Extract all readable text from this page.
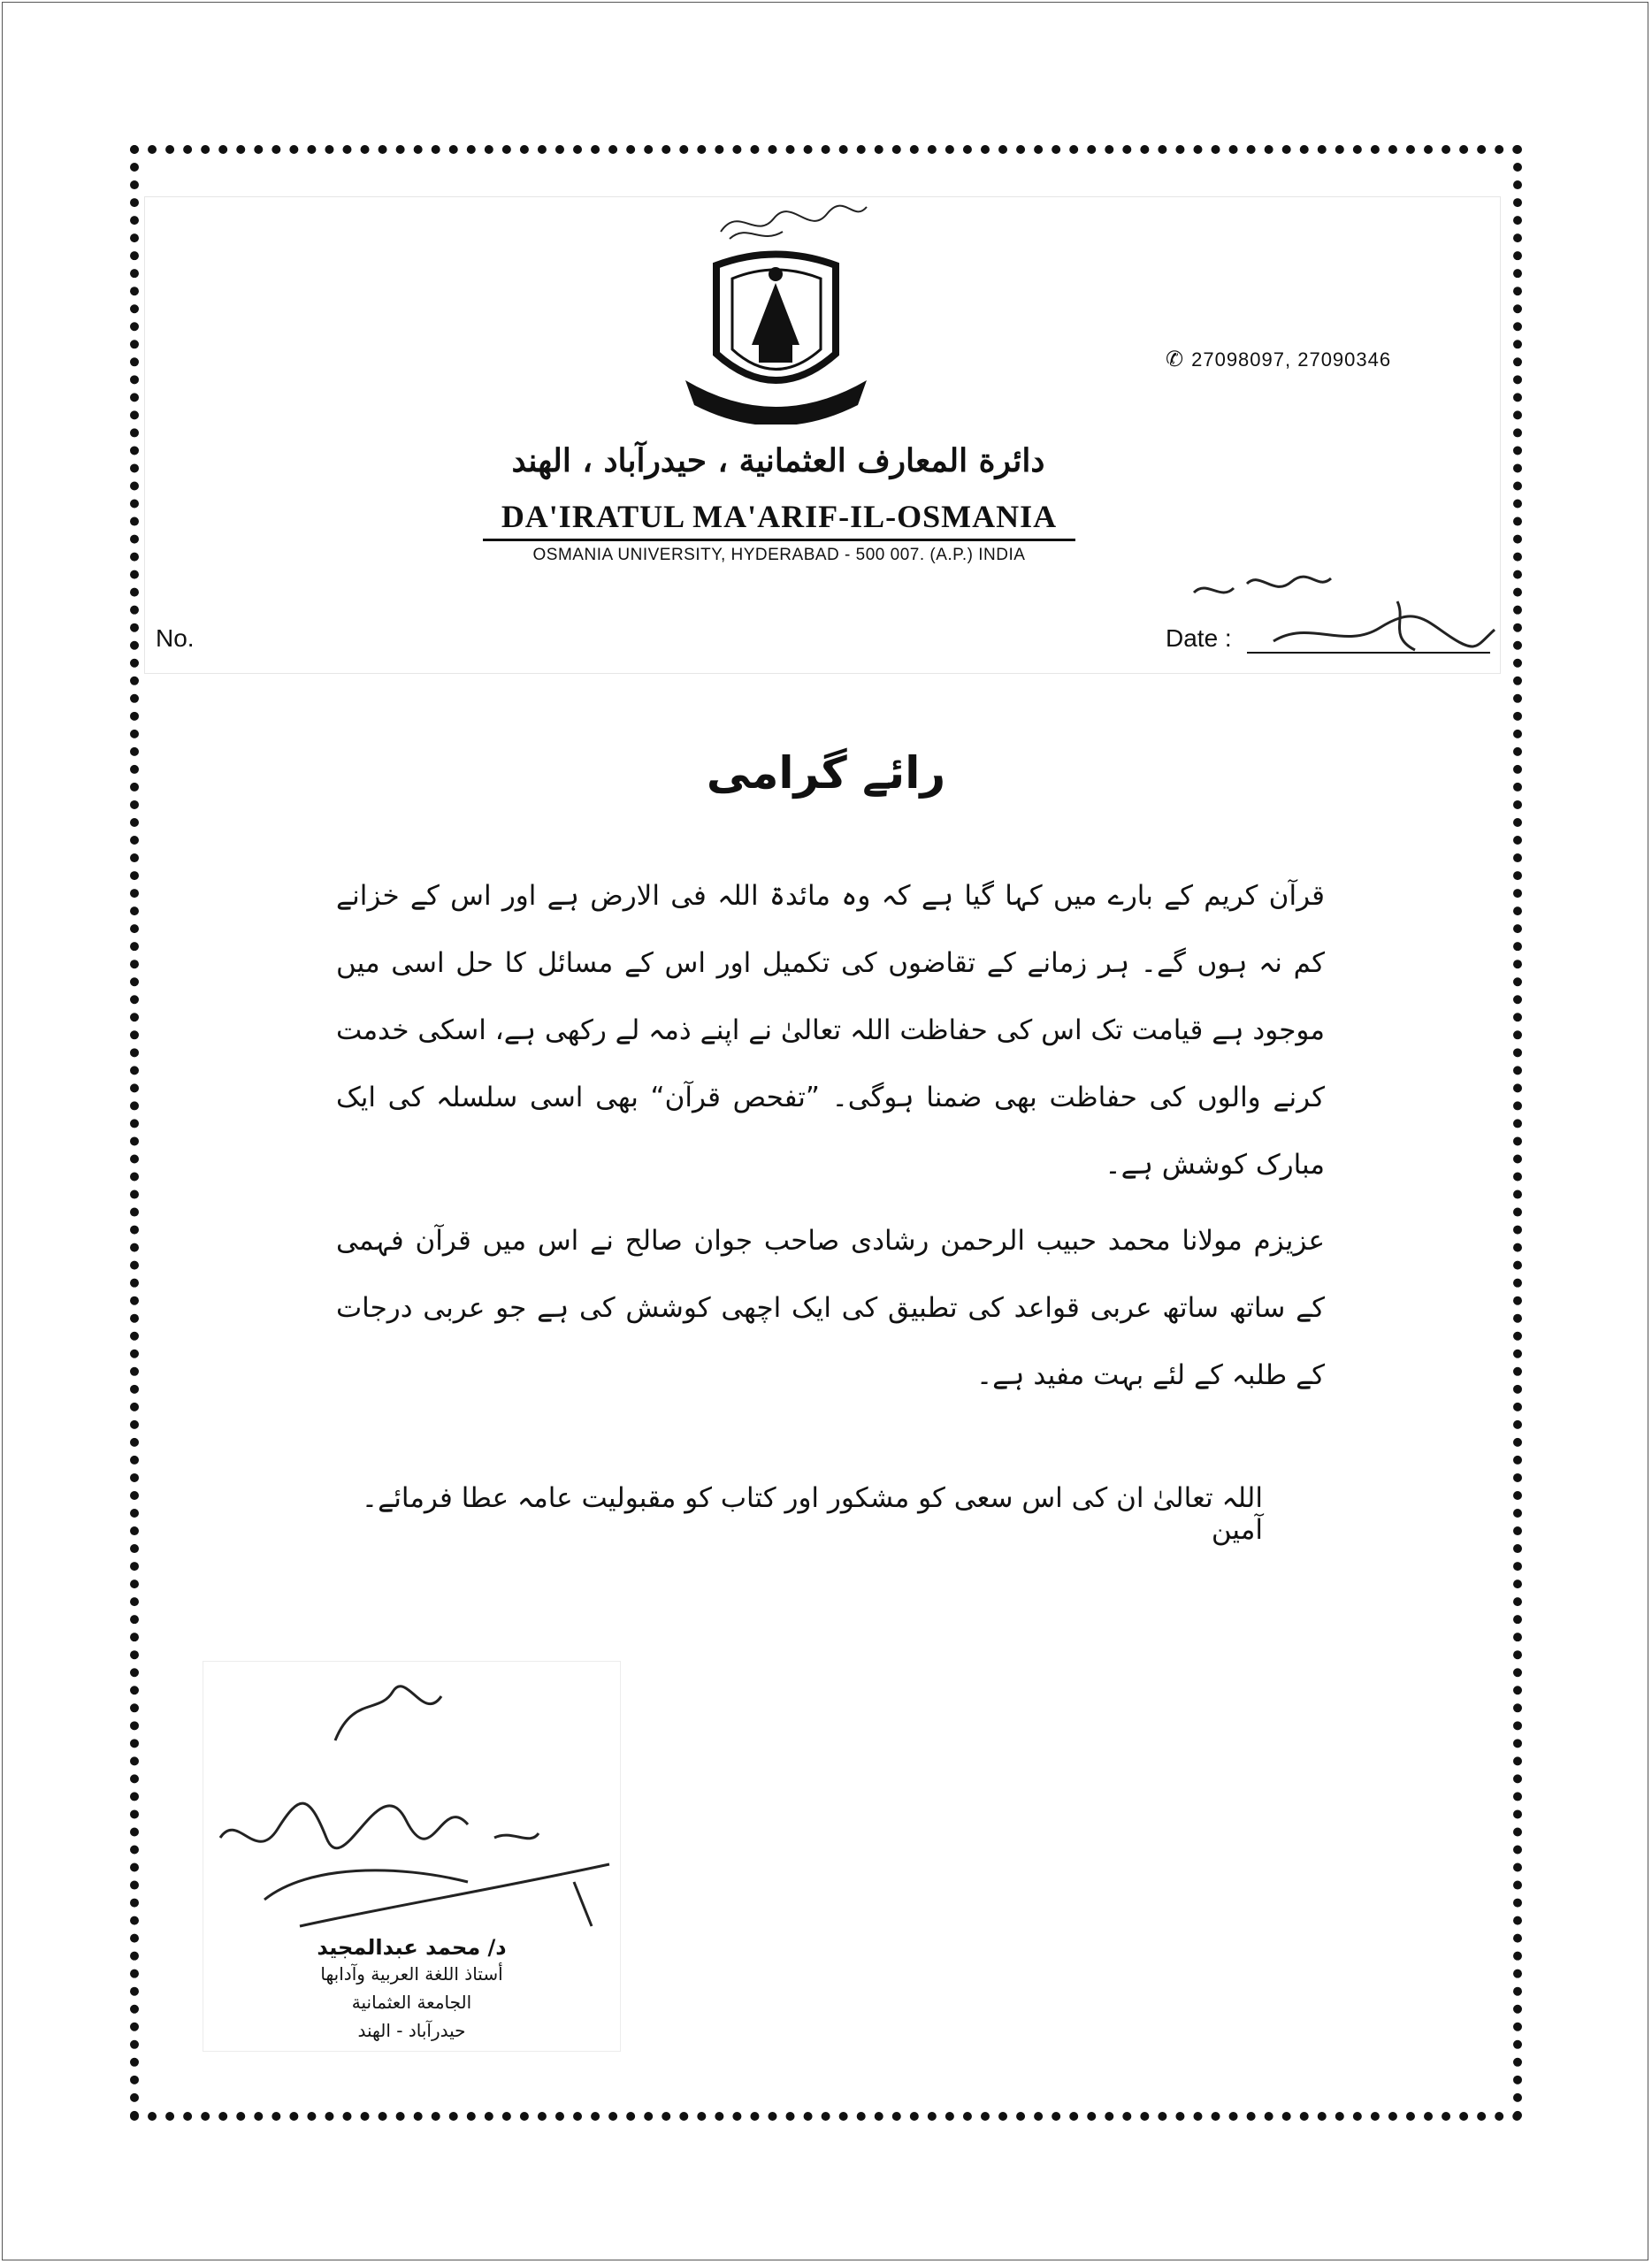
✆ 27098097, 27090346
دائرة المعارف العثمانية ، حيدرآباد ، الهند
DA'IRATUL MA'ARIF-IL-OSMANIA
OSMANIA UNIVERSITY, HYDERABAD - 500 007. (A.P.) INDIA
No.	Date :
رائے گرامی
قرآن کریم کے بارے میں کہا گیا ہے کہ وہ مائدۃ اللہ فی الارض ہے اور اس کے خزانے کم نہ ہوں گے۔ ہر زمانے کے تقاضوں کی تکمیل اور اس کے مسائل کا حل اسی میں موجود ہے قیامت تک اس کی حفاظت اللہ تعالیٰ نے اپنے ذمہ لے رکھی ہے، اسکی خدمت کرنے والوں کی حفاظت بھی ضمنا ہوگی۔ ”تفحص قرآن“ بھی اسی سلسلہ کی ایک مبارک کوشش ہے۔
عزیزم مولانا محمد حبیب الرحمن رشادی صاحب جوان صالح نے اس میں قرآن فہمی کے ساتھ ساتھ عربی قواعد کی تطبیق کی ایک اچھی کوشش کی ہے جو عربی درجات کے طلبہ کے لئے بہت مفید ہے۔
اللہ تعالیٰ ان کی اس سعی کو مشکور اور کتاب کو مقبولیت عامہ عطا فرمائے۔ آمین
د/ محمد عبدالمجيد
أستاذ اللغة العربية وآدابها
الجامعة العثمانية
حيدرآباد - الهند
